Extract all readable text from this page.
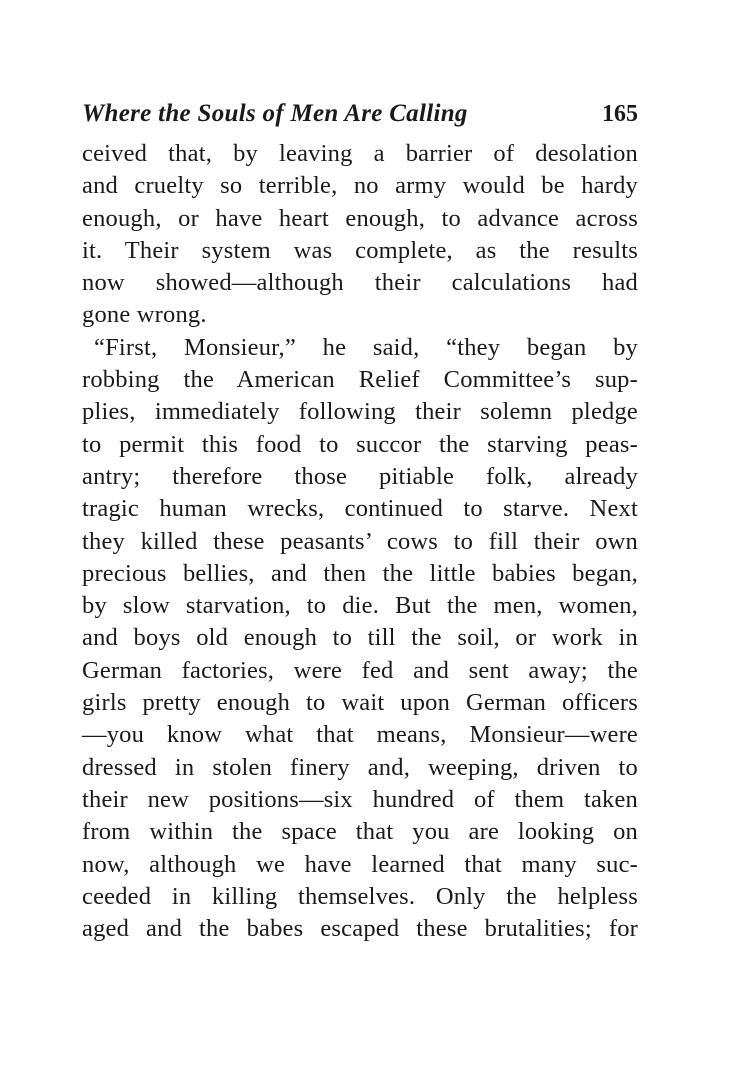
Where the Souls of Men Are Calling	165
ceived that, by leaving a barrier of desolation
and cruelty so terrible, no army would be hardy
enough, or have heart enough, to advance across
it. Their system was complete, as the results
now showed—although their calculations had
gone wrong.
“First, Monsieur,” he said, “they began by
robbing the American Relief Committee’s sup-
plies, immediately following their solemn pledge
to permit this food to succor the starving peas-
antry; therefore those pitiable folk, already
tragic human wrecks, continued to starve. Next
they killed these peasants’ cows to fill their own
precious bellies, and then the little babies began,
by slow starvation, to die. But the men, women,
and boys old enough to till the soil, or work in
German factories, were fed and sent away; the
girls pretty enough to wait upon German officers
—you know what that means, Monsieur—were
dressed in stolen finery and, weeping, driven to
their new positions—six hundred of them taken
from within the space that you are looking on
now, although we have learned that many suc-
ceeded in killing themselves. Only the helpless
aged and the babes escaped these brutalities; for
